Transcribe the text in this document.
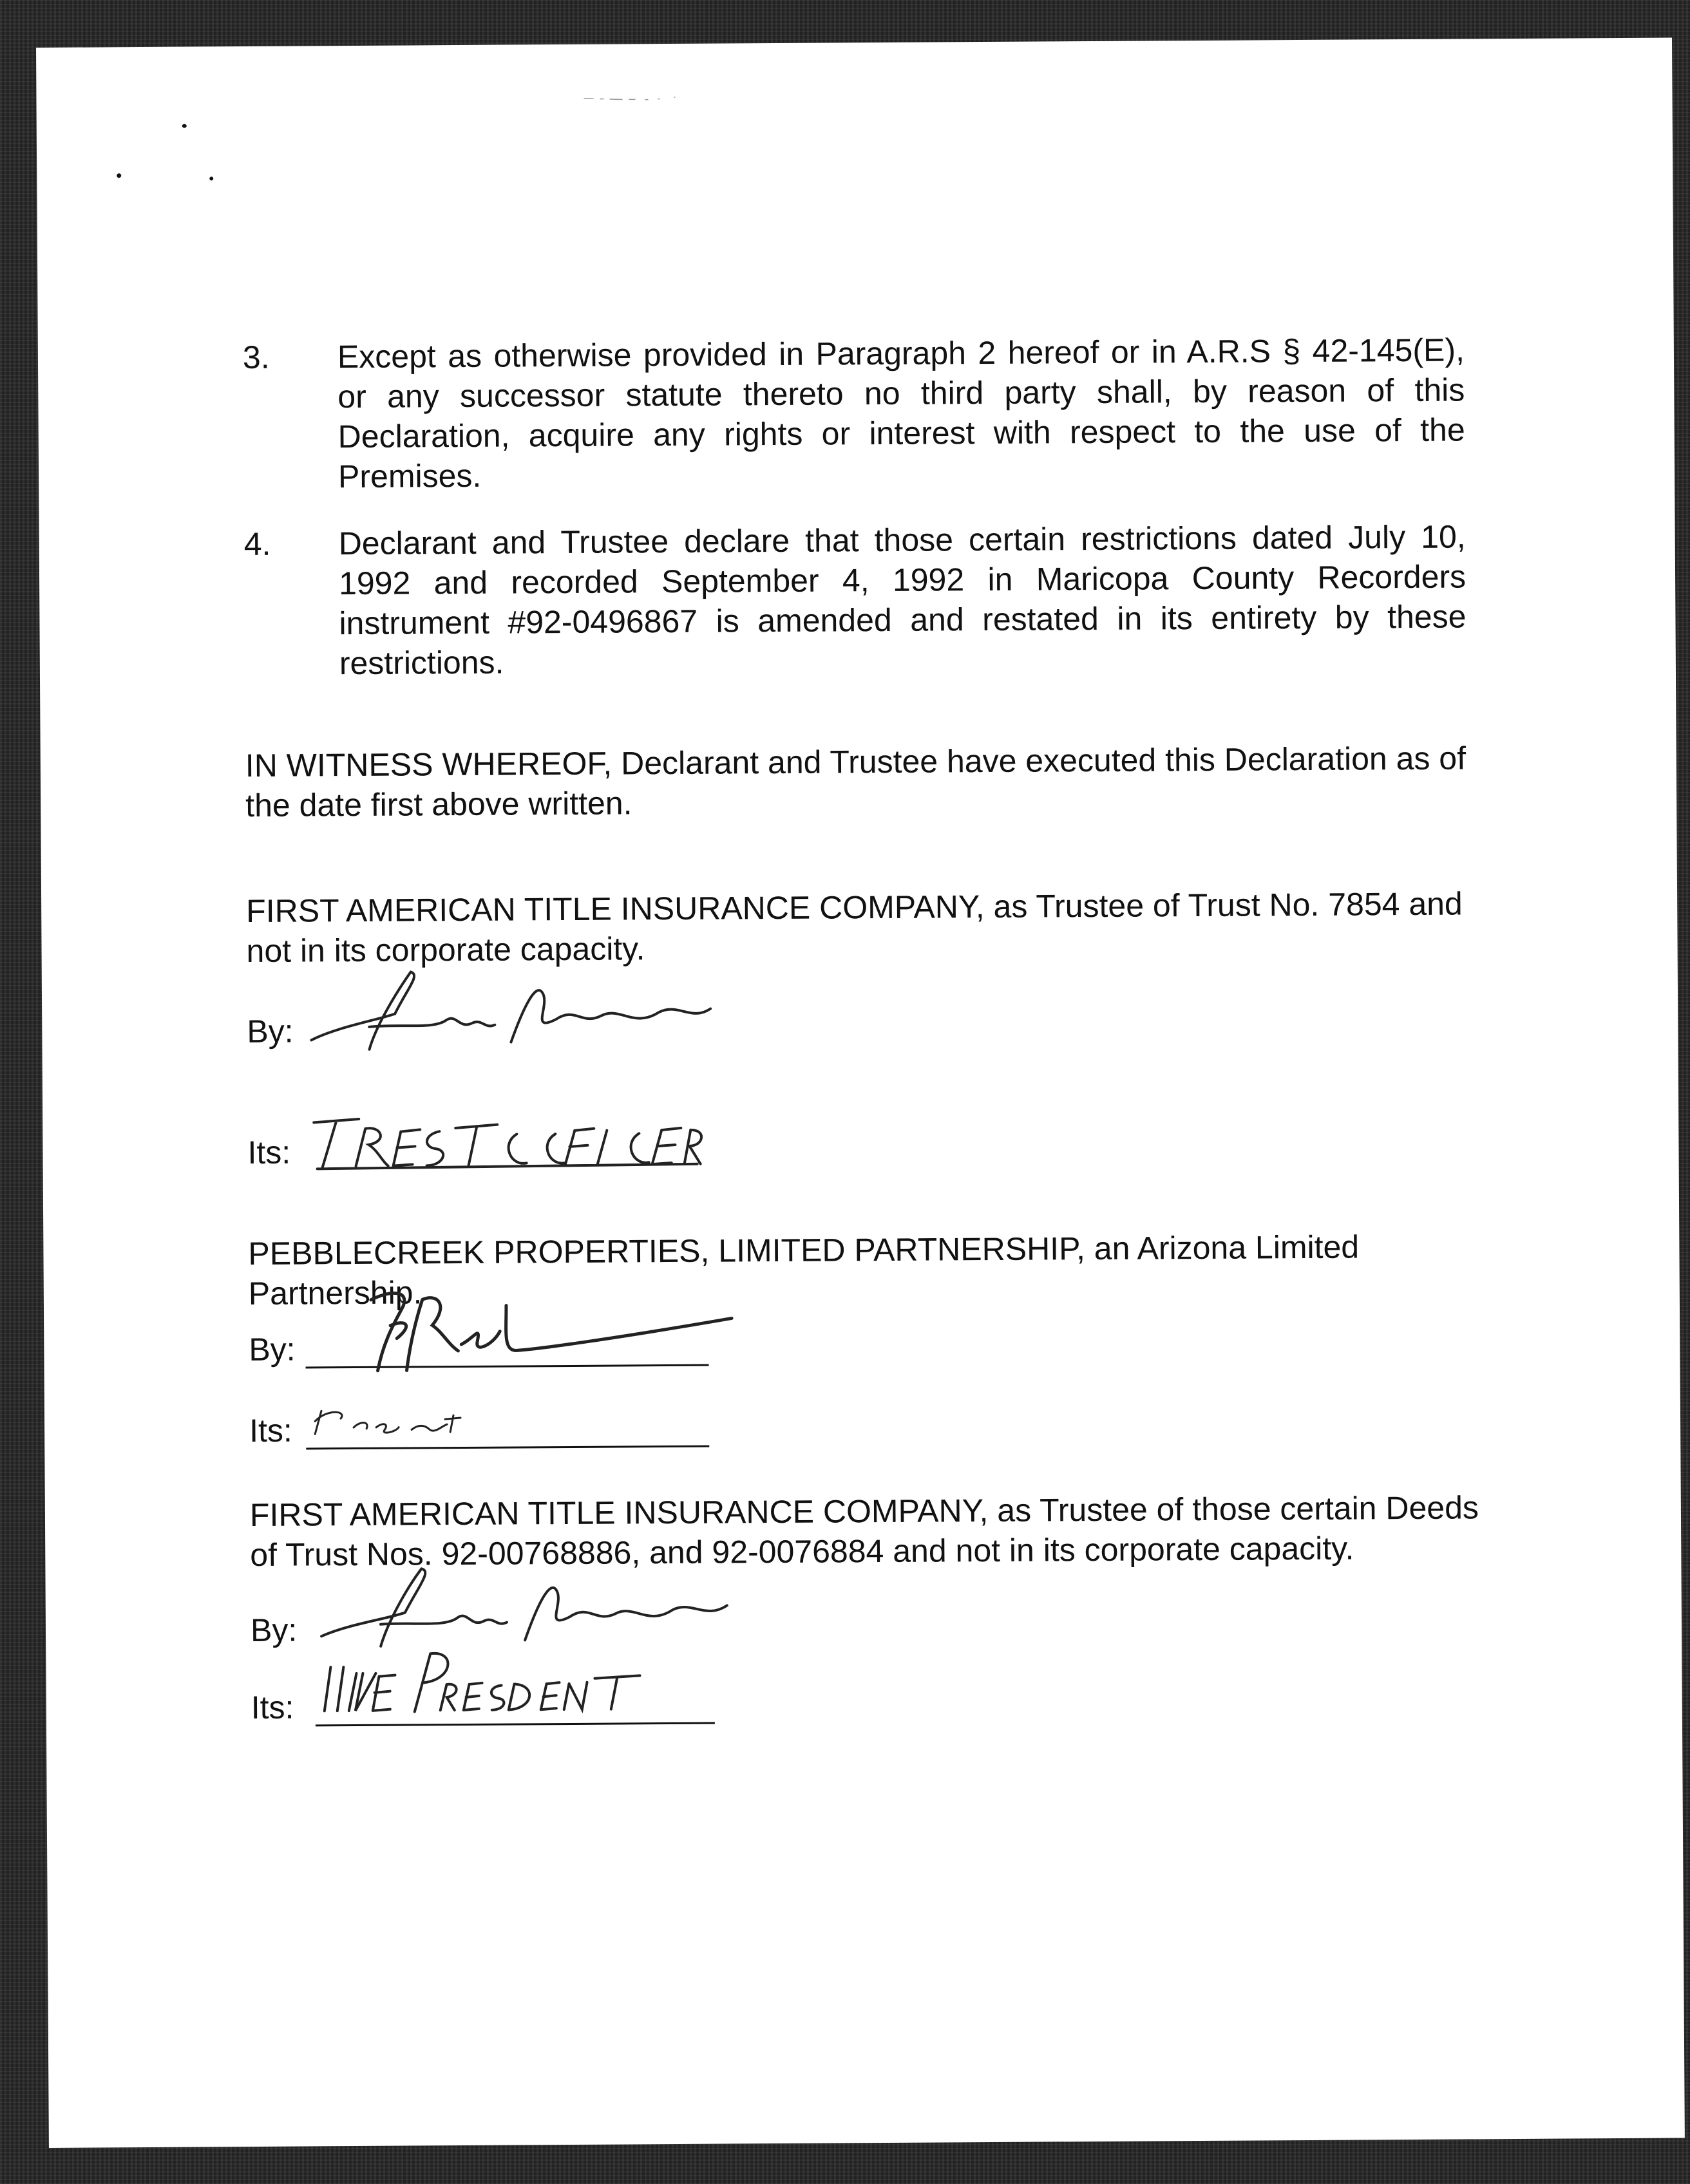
3.	Except as otherwise provided in Paragraph 2 hereof or in A.R.S § 42-145(E), or any successor statute thereto no third party shall, by reason of this Declaration, acquire any rights or interest with respect to the use of the Premises.
4.	Declarant and Trustee declare that those certain restrictions dated July 10, 1992 and recorded September 4, 1992 in Maricopa County Recorders instrument #92-0496867 is amended and restated in its entirety by these restrictions.
IN WITNESS WHEREOF, Declarant and Trustee have executed this Declaration as of the date first above written.
FIRST AMERICAN TITLE INSURANCE COMPANY, as Trustee of Trust No. 7854 and not in its corporate capacity.
By:
Its:
PEBBLECREEK PROPERTIES, LIMITED PARTNERSHIP, an Arizona Limited Partnership.
By:
Its:
FIRST AMERICAN TITLE INSURANCE COMPANY, as Trustee of those certain Deeds of Trust Nos. 92-00768886, and 92-0076884 and not in its corporate capacity.
By:
Its:
